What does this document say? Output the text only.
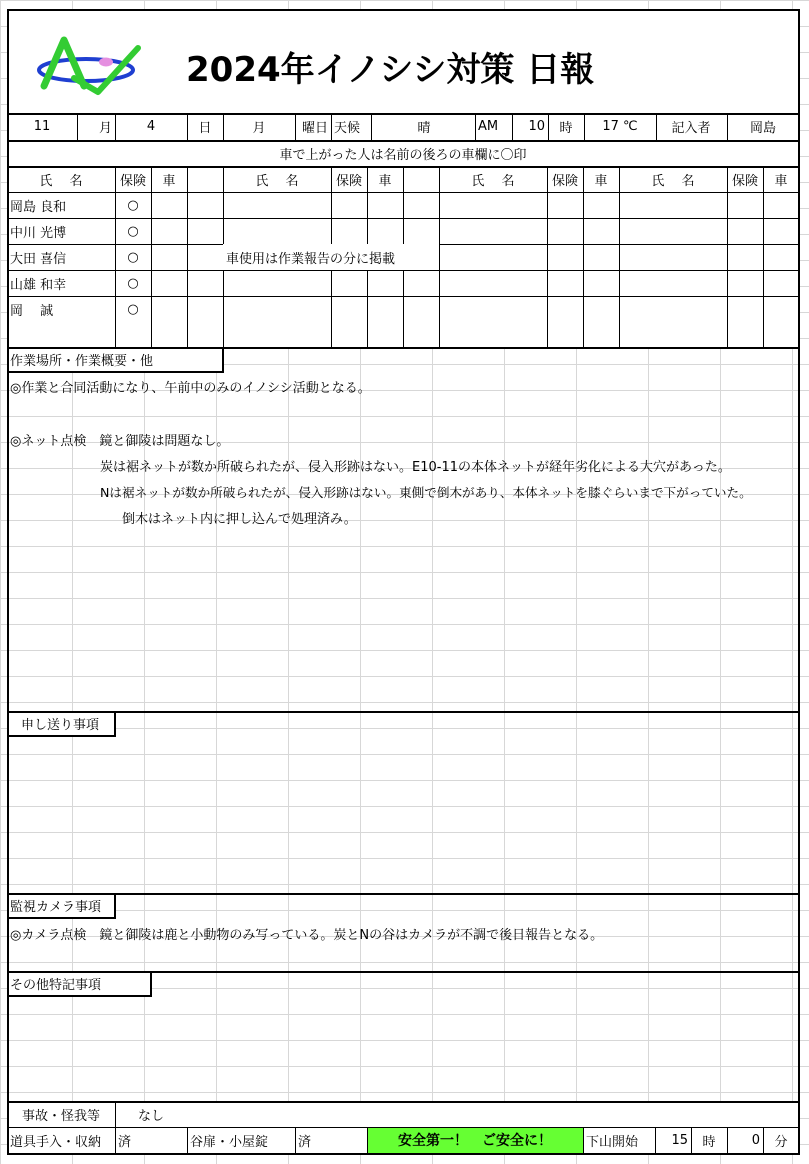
2024年イノシシ対策 日報
11	月	4	日	月	曜日 天候	晴	AM	10	時	17 ℃	記入者	岡島
車で上がった人は名前の後ろの車欄に〇印
氏　 名	保険	車	氏　 名	保険	車	氏　 名	保険	車	氏　 名	保険	車
岡島 良和	○
中川 光博	○
大田 喜信	○
山雄 和幸	○
岡　 誠	○
車使用は作業報告の分に掲載
作業場所・作業概要・他
◎作業と合同活動になり、午前中のみのイノシシ活動となる。
◎ネット点検　鏡と御陵は問題なし。
炭は裾ネットが数か所破られたが、侵入形跡はない。E10-11の本体ネットが経年劣化による大穴があった。
Nは裾ネットが数か所破られたが、侵入形跡はない。東側で倒木があり、本体ネットを膝ぐらいまで下がっていた。
倒木はネット内に押し込んで処理済み。
申し送り事項
監視カメラ事項
◎カメラ点検　鏡と御陵は鹿と小動物のみ写っている。炭とNの谷はカメラが不調で後日報告となる。
その他特記事項
事故・怪我等	なし
道具手入・収納	済	谷扉・小屋錠	済	安全第一！　ご安全に！	下山開始	15	時	0	分
